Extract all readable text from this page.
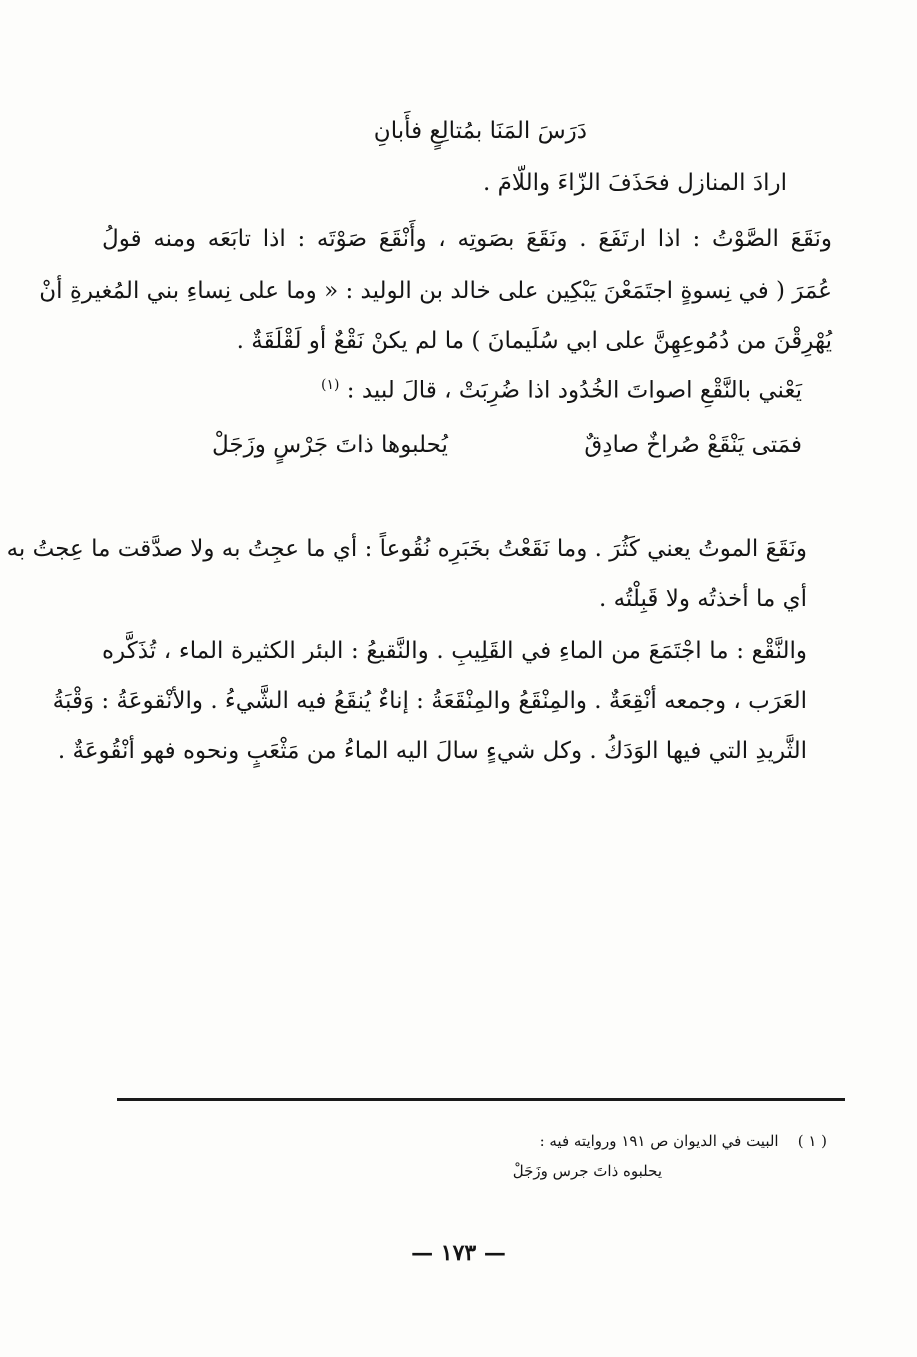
دَرَسَ المَنَا بمُتالِعٍ فأَبانِ
ارادَ المنازل فحَذَفَ الزّاءَ واللّامَ .
ونَقَعَ الصَّوْتُ : اذا ارتَفَعَ . ونَقَعَ بصَوتِه ، وأَنْقَعَ صَوْتَه : اذا تابَعَه ومنه قولُ
عُمَرَ ( في نِسوةٍ اجتَمَعْنَ يَبْكِين على خالد بن الوليد : « وما على نِساءِ بني المُغيرةِ أنْ
يُهْرِقْنَ من دُمُوعِهِنَّ على ابي سُلَيمانَ ) ما لم يكنْ نَقْعٌ أو لَقْلَقَةٌ .
يَعْني بالنَّقْعِ اصواتَ الخُدُود اذا ضُرِبَتْ ، قالَ لبيد : $^{(١)}$
فمَتى يَنْقَعْ صُراخٌ صادِقٌ
يُحلبوها ذاتَ جَرْسٍ وزَجَلْ
ونَقَعَ الموتُ يعني كَثُرَ . وما نَقَعْتُ بخَبَرِه نُقُوعاً : أي ما عجِتُ به ولا صدَّقت ما عِجتُ به
أي ما أخذتُه ولا قَبِلْتُه .
والنَّقْع : ما اجْتَمَعَ من الماءِ في القَلِيبِ . والنَّقيعُ : البئر الكثيرة الماء ، تُذَكَّره
العَرَب ، وجمعه أنْقِعَةٌ . والمِنْقَعُ والمِنْقَعَةُ : إناءٌ يُنقَعُ فيه الشَّيءُ . والأنْقوعَةُ : وَقْبَةُ
الثَّريدِ التي فيها الوَدَكُ . وكل شيءٍ سالَ اليه الماءُ من مَثْعَبٍ ونحوه فهو أنْقُوعَةٌ .
( ١ )    البيت في الديوان ص ١٩١ وروايته فيه :
يحلبوه ذاتَ جرس وزَجَلْ
— ١٧٣ —
